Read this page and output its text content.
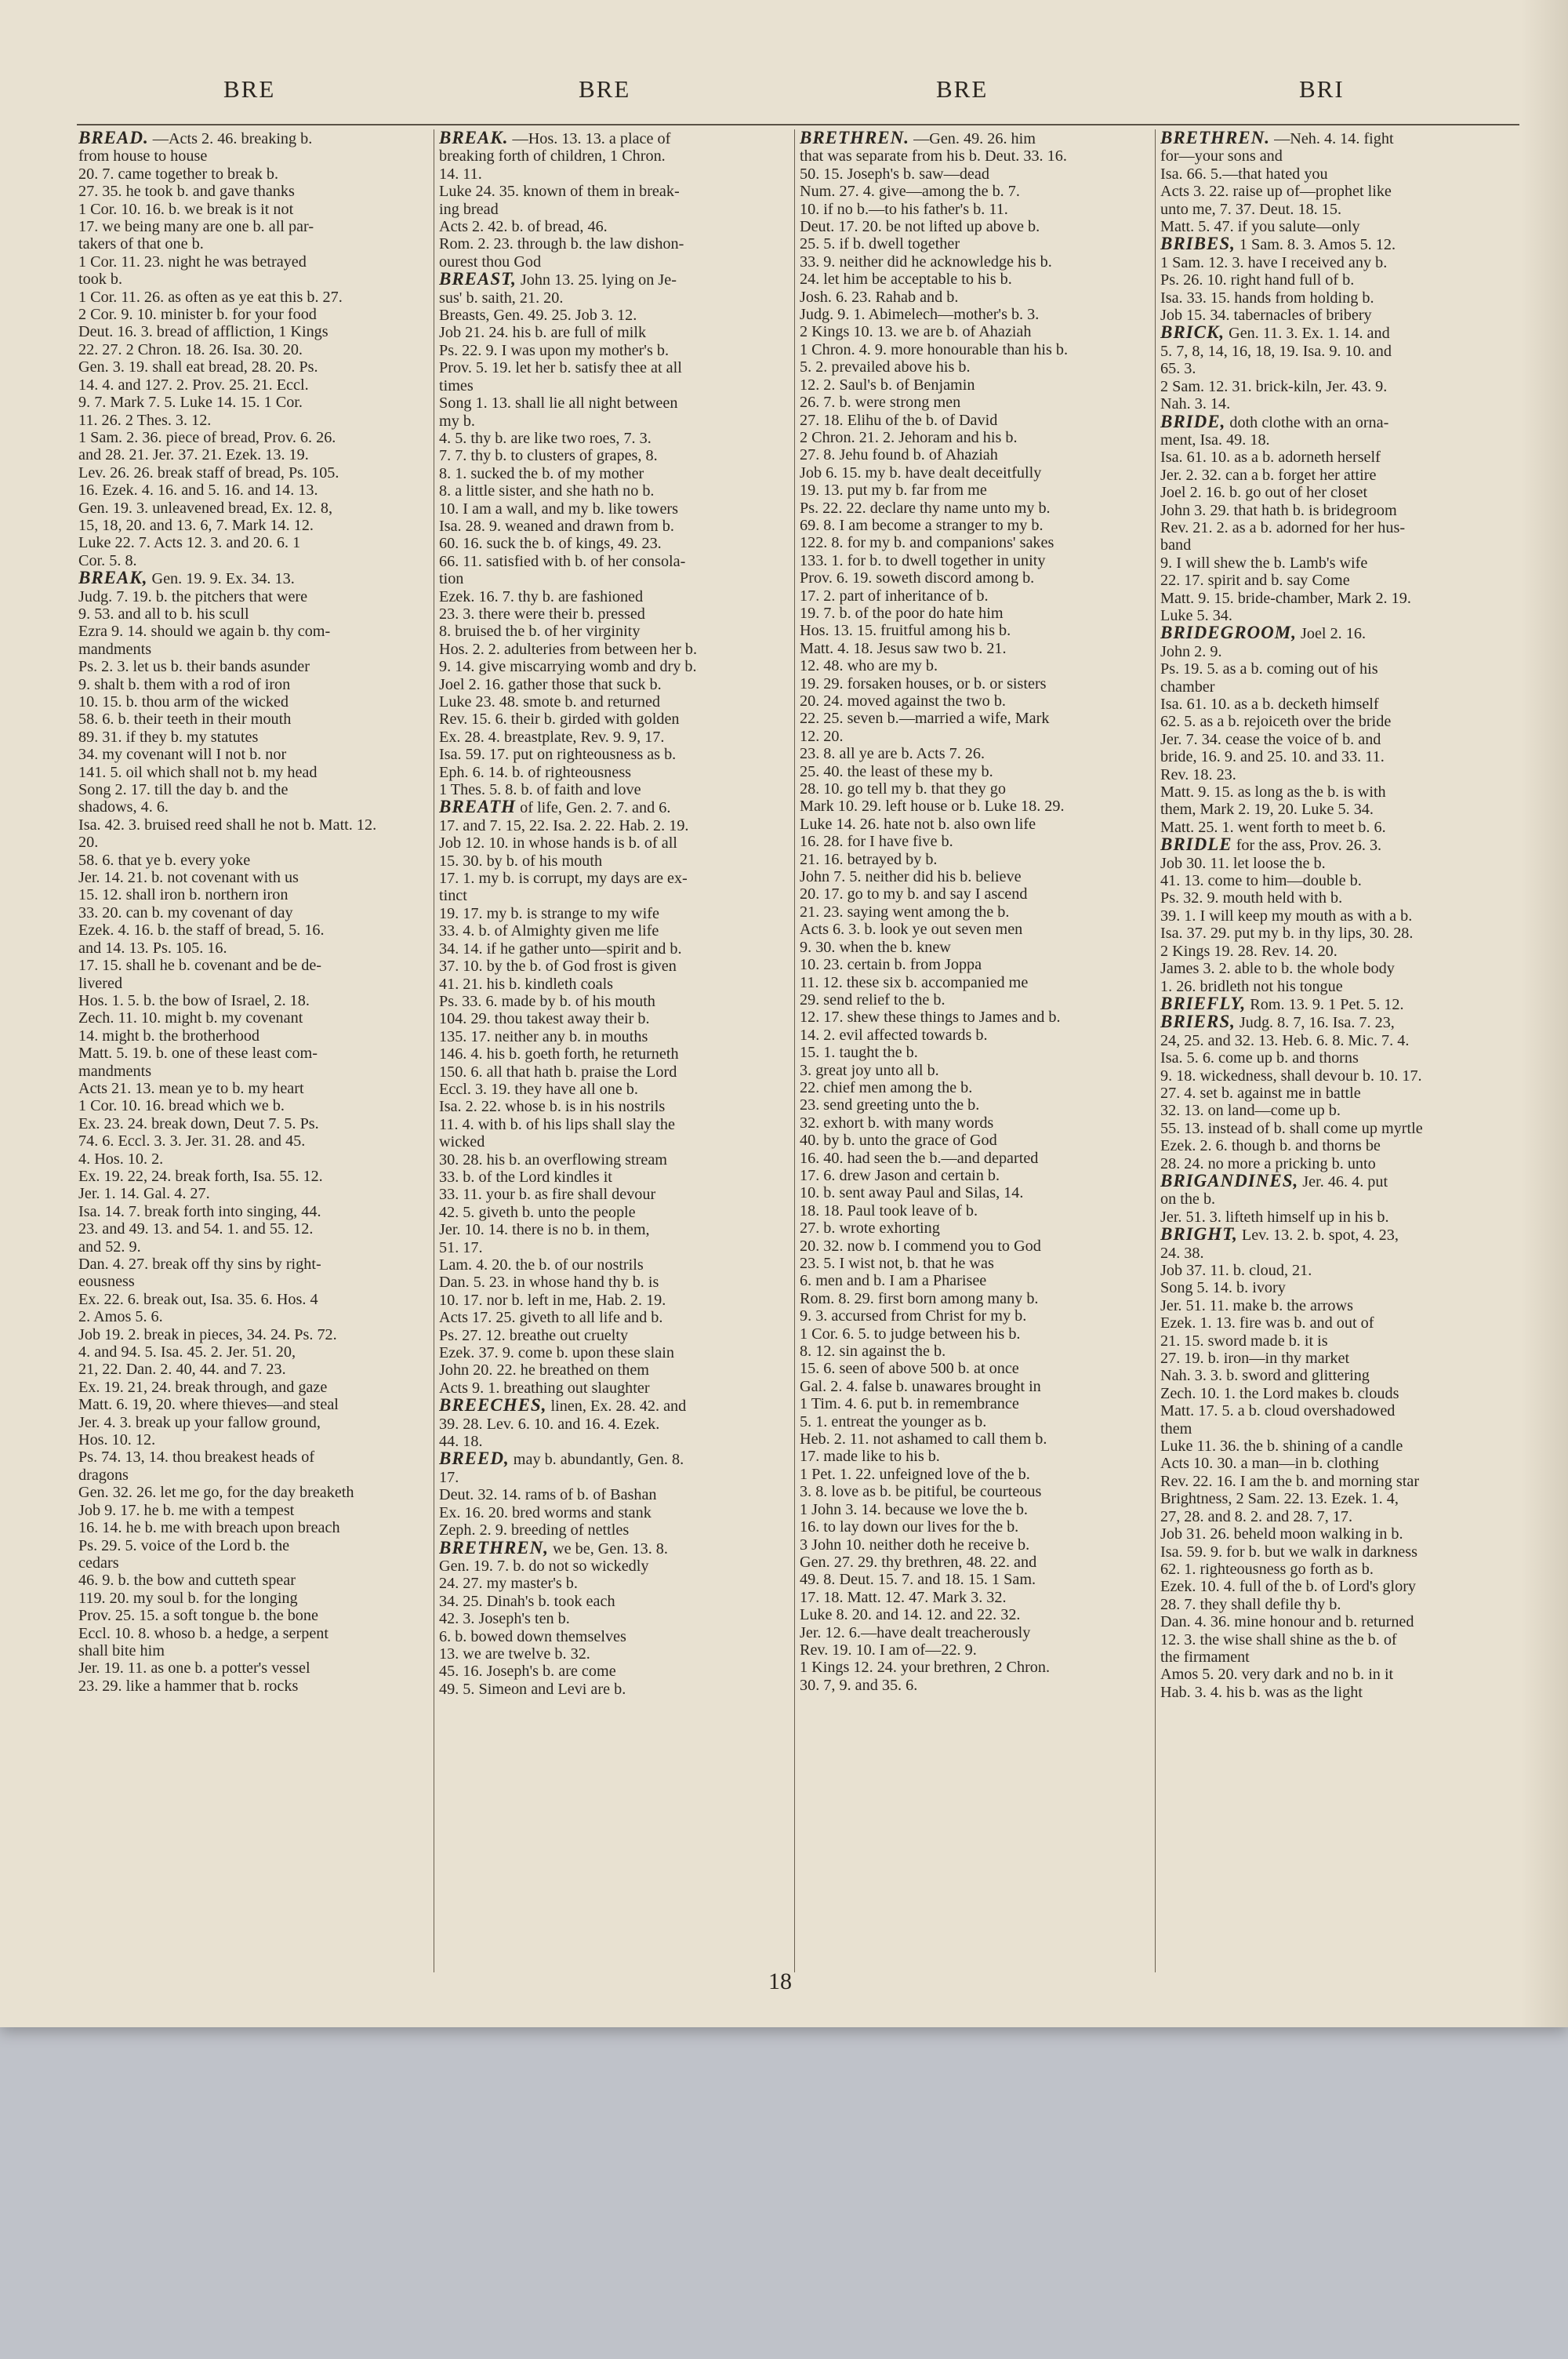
BRE	BRE	BRE	BRI
BREAD. —Acts 2. 46. breaking b.
from house to house
20. 7. came together to break b.
27. 35. he took b. and gave thanks
1 Cor. 10. 16. b. we break is it not
17. we being many are one b. all par-
takers of that one b.
1 Cor. 11. 23. night he was betrayed
took b.
1 Cor. 11. 26. as often as ye eat this b. 27.
2 Cor. 9. 10. minister b. for your food
Deut. 16. 3. bread of affliction, 1 Kings
22. 27. 2 Chron. 18. 26. Isa. 30. 20.
Gen. 3. 19. shall eat bread, 28. 20. Ps.
14. 4. and 127. 2. Prov. 25. 21. Eccl.
9. 7. Mark 7. 5. Luke 14. 15. 1 Cor.
11. 26. 2 Thes. 3. 12.
1 Sam. 2. 36. piece of bread, Prov. 6. 26.
and 28. 21. Jer. 37. 21. Ezek. 13. 19.
Lev. 26. 26. break staff of bread, Ps. 105.
16. Ezek. 4. 16. and 5. 16. and 14. 13.
Gen. 19. 3. unleavened bread, Ex. 12. 8,
15, 18, 20. and 13. 6, 7. Mark 14. 12.
Luke 22. 7. Acts 12. 3. and 20. 6. 1
Cor. 5. 8.
BREAK, Gen. 19. 9. Ex. 34. 13.
Judg. 7. 19. b. the pitchers that were
9. 53. and all to b. his scull
Ezra 9. 14. should we again b. thy com-
mandments
Ps. 2. 3. let us b. their bands asunder
9. shalt b. them with a rod of iron
10. 15. b. thou arm of the wicked
58. 6. b. their teeth in their mouth
89. 31. if they b. my statutes
34. my covenant will I not b. nor
141. 5. oil which shall not b. my head
Song 2. 17. till the day b. and the
shadows, 4. 6.
Isa. 42. 3. bruised reed shall he not b. Matt. 12.
20.
58. 6. that ye b. every yoke
Jer. 14. 21. b. not covenant with us
15. 12. shall iron b. northern iron
33. 20. can b. my covenant of day
Ezek. 4. 16. b. the staff of bread, 5. 16.
and 14. 13. Ps. 105. 16.
17. 15. shall he b. covenant and be de-
livered
Hos. 1. 5. b. the bow of Israel, 2. 18.
Zech. 11. 10. might b. my covenant
14. might b. the brotherhood
Matt. 5. 19. b. one of these least com-
mandments
Acts 21. 13. mean ye to b. my heart
1 Cor. 10. 16. bread which we b.
Ex. 23. 24. break down, Deut 7. 5. Ps.
74. 6. Eccl. 3. 3. Jer. 31. 28. and 45.
4. Hos. 10. 2.
Ex. 19. 22, 24. break forth, Isa. 55. 12.
Jer. 1. 14. Gal. 4. 27.
Isa. 14. 7. break forth into singing, 44.
23. and 49. 13. and 54. 1. and 55. 12.
and 52. 9.
Dan. 4. 27. break off thy sins by right-
eousness
Ex. 22. 6. break out, Isa. 35. 6. Hos. 4
2. Amos 5. 6.
Job 19. 2. break in pieces, 34. 24. Ps. 72.
4. and 94. 5. Isa. 45. 2. Jer. 51. 20,
21, 22. Dan. 2. 40, 44. and 7. 23.
Ex. 19. 21, 24. break through, and gaze
Matt. 6. 19, 20. where thieves—and steal
Jer. 4. 3. break up your fallow ground,
Hos. 10. 12.
Ps. 74. 13, 14. thou breakest heads of
dragons
Gen. 32. 26. let me go, for the day breaketh
Job 9. 17. he b. me with a tempest
16. 14. he b. me with breach upon breach
Ps. 29. 5. voice of the Lord b. the
cedars
46. 9. b. the bow and cutteth spear
119. 20. my soul b. for the longing
Prov. 25. 15. a soft tongue b. the bone
Eccl. 10. 8. whoso b. a hedge, a serpent
shall bite him
Jer. 19. 11. as one b. a potter's vessel
23. 29. like a hammer that b. rocks
BREAK. —Hos. 13. 13. a place of
breaking forth of children, 1 Chron.
14. 11.
Luke 24. 35. known of them in break-
ing bread
Acts 2. 42. b. of bread, 46.
Rom. 2. 23. through b. the law dishon-
ourest thou God
BREAST, John 13. 25. lying on Je-
sus' b. saith, 21. 20.
Breasts, Gen. 49. 25. Job 3. 12.
Job 21. 24. his b. are full of milk
Ps. 22. 9. I was upon my mother's b.
Prov. 5. 19. let her b. satisfy thee at all
times
Song 1. 13. shall lie all night between
my b.
4. 5. thy b. are like two roes, 7. 3.
7. 7. thy b. to clusters of grapes, 8.
8. 1. sucked the b. of my mother
8. a little sister, and she hath no b.
10. I am a wall, and my b. like towers
Isa. 28. 9. weaned and drawn from b.
60. 16. suck the b. of kings, 49. 23.
66. 11. satisfied with b. of her consola-
tion
Ezek. 16. 7. thy b. are fashioned
23. 3. there were their b. pressed
8. bruised the b. of her virginity
Hos. 2. 2. adulteries from between her b.
9. 14. give miscarrying womb and dry b.
Joel 2. 16. gather those that suck b.
Luke 23. 48. smote b. and returned
Rev. 15. 6. their b. girded with golden
Ex. 28. 4. breastplate, Rev. 9. 9, 17.
Isa. 59. 17. put on righteousness as b.
Eph. 6. 14. b. of righteousness
1 Thes. 5. 8. b. of faith and love
BREATH of life, Gen. 2. 7. and 6.
17. and 7. 15, 22. Isa. 2. 22. Hab. 2. 19.
Job 12. 10. in whose hands is b. of all
15. 30. by b. of his mouth
17. 1. my b. is corrupt, my days are ex-
tinct
19. 17. my b. is strange to my wife
33. 4. b. of Almighty given me life
34. 14. if he gather unto—spirit and b.
37. 10. by the b. of God frost is given
41. 21. his b. kindleth coals
Ps. 33. 6. made by b. of his mouth
104. 29. thou takest away their b.
135. 17. neither any b. in mouths
146. 4. his b. goeth forth, he returneth
150. 6. all that hath b. praise the Lord
Eccl. 3. 19. they have all one b.
Isa. 2. 22. whose b. is in his nostrils
11. 4. with b. of his lips shall slay the
wicked
30. 28. his b. an overflowing stream
33. b. of the Lord kindles it
33. 11. your b. as fire shall devour
42. 5. giveth b. unto the people
Jer. 10. 14. there is no b. in them,
51. 17.
Lam. 4. 20. the b. of our nostrils
Dan. 5. 23. in whose hand thy b. is
10. 17. nor b. left in me, Hab. 2. 19.
Acts 17. 25. giveth to all life and b.
Ps. 27. 12. breathe out cruelty
Ezek. 37. 9. come b. upon these slain
John 20. 22. he breathed on them
Acts 9. 1. breathing out slaughter
BREECHES, linen, Ex. 28. 42. and
39. 28. Lev. 6. 10. and 16. 4. Ezek.
44. 18.
BREED, may b. abundantly, Gen. 8.
17.
Deut. 32. 14. rams of b. of Bashan
Ex. 16. 20. bred worms and stank
Zeph. 2. 9. breeding of nettles
BRETHREN, we be, Gen. 13. 8.
Gen. 19. 7. b. do not so wickedly
24. 27. my master's b.
34. 25. Dinah's b. took each
42. 3. Joseph's ten b.
6. b. bowed down themselves
13. we are twelve b. 32.
45. 16. Joseph's b. are come
49. 5. Simeon and Levi are b.
BRETHREN. —Gen. 49. 26. him
that was separate from his b. Deut. 33. 16.
50. 15. Joseph's b. saw—dead
Num. 27. 4. give—among the b. 7.
10. if no b.—to his father's b. 11.
Deut. 17. 20. be not lifted up above b.
25. 5. if b. dwell together
33. 9. neither did he acknowledge his b.
24. let him be acceptable to his b.
Josh. 6. 23. Rahab and b.
Judg. 9. 1. Abimelech—mother's b. 3.
2 Kings 10. 13. we are b. of Ahaziah
1 Chron. 4. 9. more honourable than his b.
5. 2. prevailed above his b.
12. 2. Saul's b. of Benjamin
26. 7. b. were strong men
27. 18. Elihu of the b. of David
2 Chron. 21. 2. Jehoram and his b.
27. 8. Jehu found b. of Ahaziah
Job 6. 15. my b. have dealt deceitfully
19. 13. put my b. far from me
Ps. 22. 22. declare thy name unto my b.
69. 8. I am become a stranger to my b.
122. 8. for my b. and companions' sakes
133. 1. for b. to dwell together in unity
Prov. 6. 19. soweth discord among b.
17. 2. part of inheritance of b.
19. 7. b. of the poor do hate him
Hos. 13. 15. fruitful among his b.
Matt. 4. 18. Jesus saw two b. 21.
12. 48. who are my b.
19. 29. forsaken houses, or b. or sisters
20. 24. moved against the two b.
22. 25. seven b.—married a wife, Mark
12. 20.
23. 8. all ye are b. Acts 7. 26.
25. 40. the least of these my b.
28. 10. go tell my b. that they go
Mark 10. 29. left house or b. Luke 18. 29.
Luke 14. 26. hate not b. also own life
16. 28. for I have five b.
21. 16. betrayed by b.
John 7. 5. neither did his b. believe
20. 17. go to my b. and say I ascend
21. 23. saying went among the b.
Acts 6. 3. b. look ye out seven men
9. 30. when the b. knew
10. 23. certain b. from Joppa
11. 12. these six b. accompanied me
29. send relief to the b.
12. 17. shew these things to James and b.
14. 2. evil affected towards b.
15. 1. taught the b.
3. great joy unto all b.
22. chief men among the b.
23. send greeting unto the b.
32. exhort b. with many words
40. by b. unto the grace of God
16. 40. had seen the b.—and departed
17. 6. drew Jason and certain b.
10. b. sent away Paul and Silas, 14.
18. 18. Paul took leave of b.
27. b. wrote exhorting
20. 32. now b. I commend you to God
23. 5. I wist not, b. that he was
6. men and b. I am a Pharisee
Rom. 8. 29. first born among many b.
9. 3. accursed from Christ for my b.
1 Cor. 6. 5. to judge between his b.
8. 12. sin against the b.
15. 6. seen of above 500 b. at once
Gal. 2. 4. false b. unawares brought in
1 Tim. 4. 6. put b. in remembrance
5. 1. entreat the younger as b.
Heb. 2. 11. not ashamed to call them b.
17. made like to his b.
1 Pet. 1. 22. unfeigned love of the b.
3. 8. love as b. be pitiful, be courteous
1 John 3. 14. because we love the b.
16. to lay down our lives for the b.
3 John 10. neither doth he receive b.
Gen. 27. 29. thy brethren, 48. 22. and
49. 8. Deut. 15. 7. and 18. 15. 1 Sam.
17. 18. Matt. 12. 47. Mark 3. 32.
Luke 8. 20. and 14. 12. and 22. 32.
Jer. 12. 6.—have dealt treacherously
Rev. 19. 10. I am of—22. 9.
1 Kings 12. 24. your brethren, 2 Chron.
30. 7, 9. and 35. 6.
BRETHREN. —Neh. 4. 14. fight
for—your sons and
Isa. 66. 5.—that hated you
Acts 3. 22. raise up of—prophet like
unto me, 7. 37. Deut. 18. 15.
Matt. 5. 47. if you salute—only
BRIBES, 1 Sam. 8. 3. Amos 5. 12.
1 Sam. 12. 3. have I received any b.
Ps. 26. 10. right hand full of b.
Isa. 33. 15. hands from holding b.
Job 15. 34. tabernacles of bribery
BRICK, Gen. 11. 3. Ex. 1. 14. and
5. 7, 8, 14, 16, 18, 19. Isa. 9. 10. and
65. 3.
2 Sam. 12. 31. brick-kiln, Jer. 43. 9.
Nah. 3. 14.
BRIDE, doth clothe with an orna-
ment, Isa. 49. 18.
Isa. 61. 10. as a b. adorneth herself
Jer. 2. 32. can a b. forget her attire
Joel 2. 16. b. go out of her closet
John 3. 29. that hath b. is bridegroom
Rev. 21. 2. as a b. adorned for her hus-
band
9. I will shew the b. Lamb's wife
22. 17. spirit and b. say Come
Matt. 9. 15. bride-chamber, Mark 2. 19.
Luke 5. 34.
BRIDEGROOM, Joel 2. 16.
John 2. 9.
Ps. 19. 5. as a b. coming out of his
chamber
Isa. 61. 10. as a b. decketh himself
62. 5. as a b. rejoiceth over the bride
Jer. 7. 34. cease the voice of b. and
bride, 16. 9. and 25. 10. and 33. 11.
Rev. 18. 23.
Matt. 9. 15. as long as the b. is with
them, Mark 2. 19, 20. Luke 5. 34.
Matt. 25. 1. went forth to meet b. 6.
BRIDLE for the ass, Prov. 26. 3.
Job 30. 11. let loose the b.
41. 13. come to him—double b.
Ps. 32. 9. mouth held with b.
39. 1. I will keep my mouth as with a b.
Isa. 37. 29. put my b. in thy lips, 30. 28.
2 Kings 19. 28. Rev. 14. 20.
James 3. 2. able to b. the whole body
1. 26. bridleth not his tongue
BRIEFLY, Rom. 13. 9. 1 Pet. 5. 12.
BRIERS, Judg. 8. 7, 16. Isa. 7. 23,
24, 25. and 32. 13. Heb. 6. 8. Mic. 7. 4.
Isa. 5. 6. come up b. and thorns
9. 18. wickedness, shall devour b. 10. 17.
27. 4. set b. against me in battle
32. 13. on land—come up b.
55. 13. instead of b. shall come up myrtle
Ezek. 2. 6. though b. and thorns be
28. 24. no more a pricking b. unto
BRIGANDINES, Jer. 46. 4. put
on the b.
Jer. 51. 3. lifteth himself up in his b.
BRIGHT, Lev. 13. 2. b. spot, 4. 23,
24. 38.
Job 37. 11. b. cloud, 21.
Song 5. 14. b. ivory
Jer. 51. 11. make b. the arrows
Ezek. 1. 13. fire was b. and out of
21. 15. sword made b. it is
27. 19. b. iron—in thy market
Nah. 3. 3. b. sword and glittering
Zech. 10. 1. the Lord makes b. clouds
Matt. 17. 5. a b. cloud overshadowed
them
Luke 11. 36. the b. shining of a candle
Acts 10. 30. a man—in b. clothing
Rev. 22. 16. I am the b. and morning star
Brightness, 2 Sam. 22. 13. Ezek. 1. 4,
27, 28. and 8. 2. and 28. 7, 17.
Job 31. 26. beheld moon walking in b.
Isa. 59. 9. for b. but we walk in darkness
62. 1. righteousness go forth as b.
Ezek. 10. 4. full of the b. of Lord's glory
28. 7. they shall defile thy b.
Dan. 4. 36. mine honour and b. returned
12. 3. the wise shall shine as the b. of
the firmament
Amos 5. 20. very dark and no b. in it
Hab. 3. 4. his b. was as the light
18
